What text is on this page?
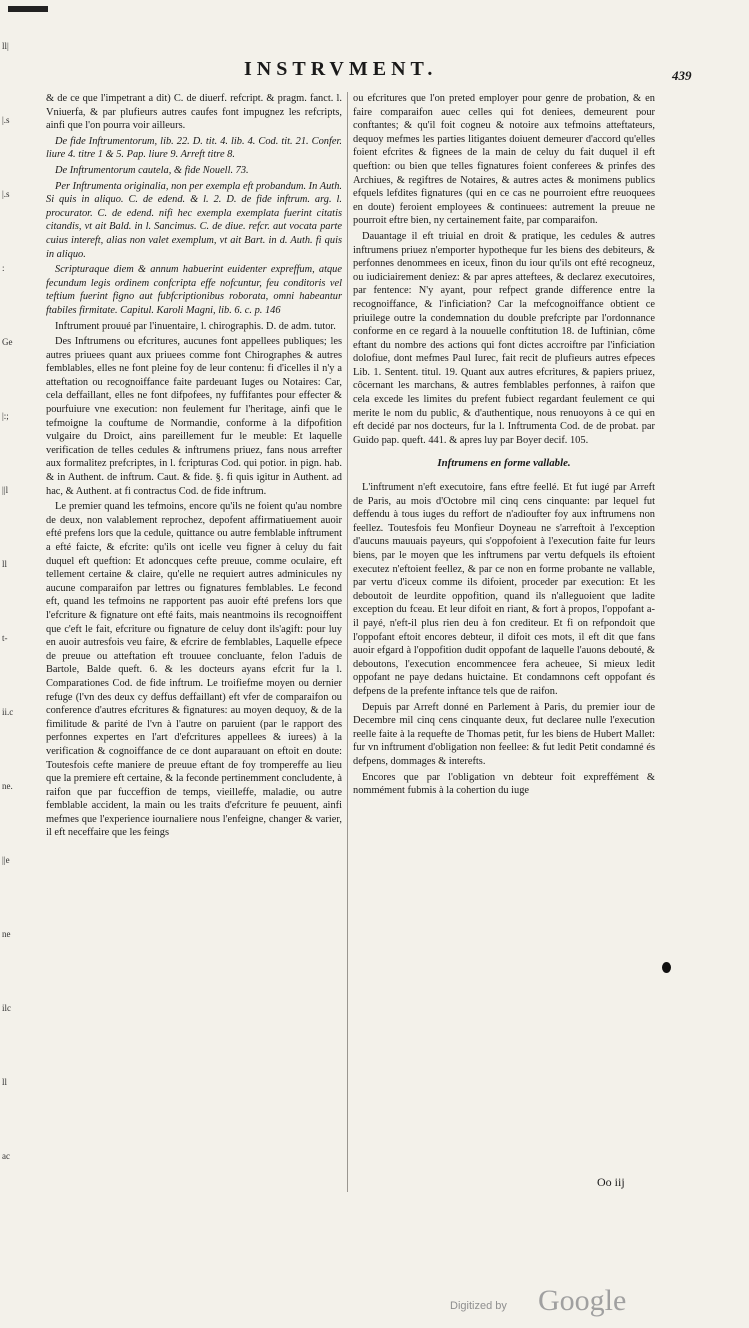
ll|
|.s
|.s
:
Ge
|:;
||l
ll
t-
ii.c
ne.
||e
ne
ilc
ll
ac
INSTRVMENT.	439

& de ce que l'impetrant a dit) C. de diuerf. refcript. & pragm. fanct. l. Vniuerfa, & par plufieurs autres caufes font impugnez les refcripts, ainfi que l'on pourra voir ailleurs.

De fide Inftrumentorum, lib. 22. D. tit. 4. lib. 4. Cod. tit. 21. Confer. liure 4. titre 1 & 5. Pap. liure 9. Arreft titre 8.

De Inftrumentorum cautela, & fide Nouell. 73.

Per Inftrumenta originalia, non per exempla eft probandum. In Auth. Si quis in aliquo. C. de edend. & l. 2. D. de fide inftrum. arg. l. procurator. C. de edend. nifi hec exempla exemplata fuerint citatis citandis, vt ait Bald. in l. Sancimus. C. de diue. refcr. aut vocata parte cuius intereft, alias non valet exemplum, vt ait Bart. in d. Auth. fi quis in aliquo.

Scripturaque diem & annum habuerint euidenter expreffum, atque fecundum legis ordinem confcripta effe nofcuntur, feu conditoris vel teftium fuerint figno aut fubfcriptionibus roborata, omni habeantur ftabiles firmitate. Capitul. Karoli Magni, lib. 6. c. p. 146

Inftrument prouué par l'inuentaire, l. chirographis. D. de adm. tutor.

Des Inftrumens ou efcritures, aucunes font appellees publiques; les autres priuees quant aux priuees comme font Chirographes & autres femblables, elles ne font pleine foy de leur contenu: fi d'icelles il n'y a atteftation ou recognoiffance faite pardeuant Iuges ou Notaires: Car, cela deffaillant, elles ne font difpofees, ny fuffifantes pour effecter & pourfuiure vne execution: non feulement fur l'heritage, ainfi que le tefmoigne la couftume de Normandie, conforme à la difpofition vulgaire du Droict, ains pareillement fur le meuble: Et laquelle verification de telles cedules & inftrumens priuez, fans nous arrefter aux formalitez prefcriptes, in l. fcripturas Cod. qui potior. in pign. hab. & in Authent. de inftrum. Caut. & fide. §. fi quis igitur in Authent. ad hac, & Authent. at fi contractus Cod. de fide inftrum.

Le premier quand les tefmoins, encore qu'ils ne foient qu'au nombre de deux, non valablement reprochez, depofent affirmatiuement auoir efté prefens lors que la cedule, quittance ou autre femblable inftrument a efté faicte, & efcrite: qu'ils ont icelle veu figner à celuy du fait duquel eft queftion: Et adoncques cefte preuue, comme oculaire, eft tellement certaine & claire, qu'elle ne requiert autres adminicules ny aucune comparaifon par lettres ou fignatures femblables. Le fecond eft, quand les tefmoins ne rapportent pas auoir efté prefens lors que l'efcriture & fignature ont efté faits, mais neantmoins ils recognoiffent que c'eft le fait, efcriture ou fignature de celuy dont ils'agift: pour luy en auoir autresfois veu faire, & efcrire de femblables, Laquelle efpece de preuue ou atteftation eft trouuee concluante, felon l'aduis de Bartole, Balde queft. 6. & les docteurs ayans efcrit fur la l. Comparationes Cod. de fide inftrum. Le troifiefme moyen ou dernier refuge (l'vn des deux cy deffus deffaillant) eft vfer de comparaifon ou conference d'autres efcritures & fignatures: au moyen dequoy, & de la fimilitude & parité de l'vn à l'autre on paruient (par le rapport des perfonnes expertes en l'art d'efcritures appellees & iurees) à la verification & cognoiffance de ce dont auparauant on eftoit en doute: Toutesfois cefte maniere de preuue eftant de foy trompereffe au lieu que la premiere eft certaine, & la feconde pertinemment concludente, à raifon que par fucceffion de temps, vieilleffe, maladie, ou autre femblable accident, la main ou les traits d'efcriture fe peuuent, ainfi mefmes que l'experience iournaliere nous l'enfeigne, changer & varier, il eft neceffaire que les feings

ou efcritures que l'on preted employer pour genre de probation, & en faire comparaifon auec celles qui fot deniees, demeurent pour conftantes; & qu'il foit cogneu & notoire aux tefmoins atteftateurs, dequoy mefmes les parties litigantes doiuent demeurer d'accord qu'elles foient efcrites & fignees de la main de celuy du fait duquel il eft queftion: ou bien que telles fignatures foient conferees & prinfes des Archiues, & regiftres de Notaires, & autres actes & monimens publics efquels lefdites fignatures (qui en ce cas ne pourroient eftre reuoquees en doute) feroient employees & continuees: autrement la preuue ne pourroit eftre bien, ny certainement faite, par comparaifon.

Dauantage il eft triuial en droit & pratique, les cedules & autres inftrumens priuez n'emporter hypotheque fur les biens des debiteurs, & perfonnes denommees en iceux, finon du iour qu'ils ont efté recogneuz, ou iudiciairement deniez: & par apres atteftees, & declarez executoires, par fentence: N'y ayant, pour refpect grande difference entre la recognoiffance, & l'inficiation? Car la mefcognoiffance obtient ce priuilege outre la condemnation du double prefcripte par l'ordonnance conforme en ce regard à la nouuelle conftitution 18. de Iuftinian, côme eftant du nombre des actions qui font dictes accroiftre par l'inficiation dolofiue, dont mefmes Paul Iurec, fait recit de plufieurs autres efpeces Lib. 1. Sentent. titul. 19. Quant aux autres efcritures, & papiers priuez, côcernant les marchans, & autres femblables perfonnes, à raifon que cela excede les limites du prefent fubiect regardant feulement ce qui merite le nom du public, & d'authentique, nous renuoyons à ce qui en eft decidé par nos docteurs, fur la l. Inftrumenta Cod. de de probat. par Guido pap. queft. 441. & apres luy par Boyer decif. 105.

Inftrumens en forme vallable.

L'inftrument n'eft executoire, fans eftre feellé. Et fut iugé par Arreft de Paris, au mois d'Octobre mil cinq cens cinquante: par lequel fut deffendu à tous iuges du reffort de n'adioufter foy aux inftrumens non feellez. Toutesfois feu Monfieur Doyneau ne s'arreftoit à l'exception d'aucuns mauuais payeurs, qui s'oppofoient à l'execution faite fur leurs biens, par le moyen que les inftrumens par vertu defquels ils eftoient executez n'eftoient feellez, & par ce non en forme probante ne vallable, par vertu d'iceux comme ils difoient, proceder par execution: Et les deboutoit de leurdite oppofition, quand ils n'alleguoient que ladite exception du fceau. Et leur difoit en riant, & fort à propos, l'oppofant a-il payé, n'eft-il plus rien deu à fon crediteur. Et fi on refpondoit que l'oppofant eftoit encores debteur, il difoit ces mots, il eft dit que fans auoir efgard à l'oppofition dudit oppofant de laquelle l'auons debouté, & deboutons, l'execution encommencee fera acheuee, Si mieux ledit oppofant ne paye dedans huictaine. Et condamnons ceft oppofant és defpens de la prefente inftance tels que de raifon.

Depuis par Arreft donné en Parlement à Paris, du premier iour de Decembre mil cinq cens cinquante deux, fut declaree nulle l'execution reelle faite à la requefte de Thomas petit, fur les biens de Hubert Mallet: fur vn inftrument d'obligation non feellee: & fut ledit Petit condamné és defpens, dommages & interefts.

Encores que par l'obligation vn debteur foit expreffément & nommément fubmis à la cohertion du iuge

Oo iij
Digitized by Google
